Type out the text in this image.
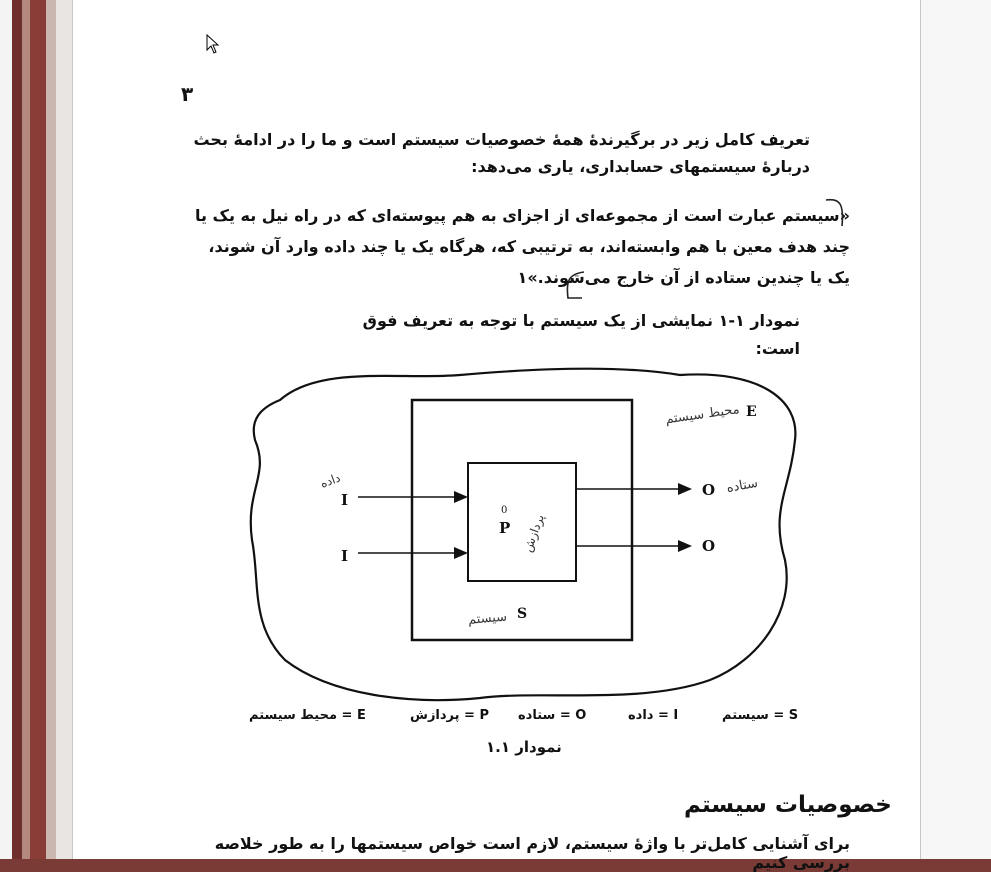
۳
تعریف کامل زیر در برگیرندهٔ همهٔ خصوصیات سیستم است و ما را در ادامهٔ بحث دربارهٔ سیستمهای حسابداری، یاری می‌دهد:
«سیستم عبارت است از مجموعه‌ای از اجزای به هم پیوسته‌ای که در راه نیل به یک یا چند هدف معین با هم وابسته‌اند، به ترتیبی که، هرگاه یک یا چند داده وارد آن شوند، یک یا چندین ستاده از آن خارج می‌شوند.»۱
نمودار ۱-۱ نمایشی از یک سیستم با توجه به تعریف فوق است:
I
I
O
O
P
0
S
E
محیط سیستم
سیستم
پردازش
داده	ستاده
محیط سیستم = E	پردازش = P ستاده = O	داده = I	سیستم = S
نمودار ۱.۱
خصوصیات سیستم
برای آشنایی کامل‌تر با واژهٔ سیستم، لازم است خواص سیستمها را به طور خلاصه بررسی کنیم
